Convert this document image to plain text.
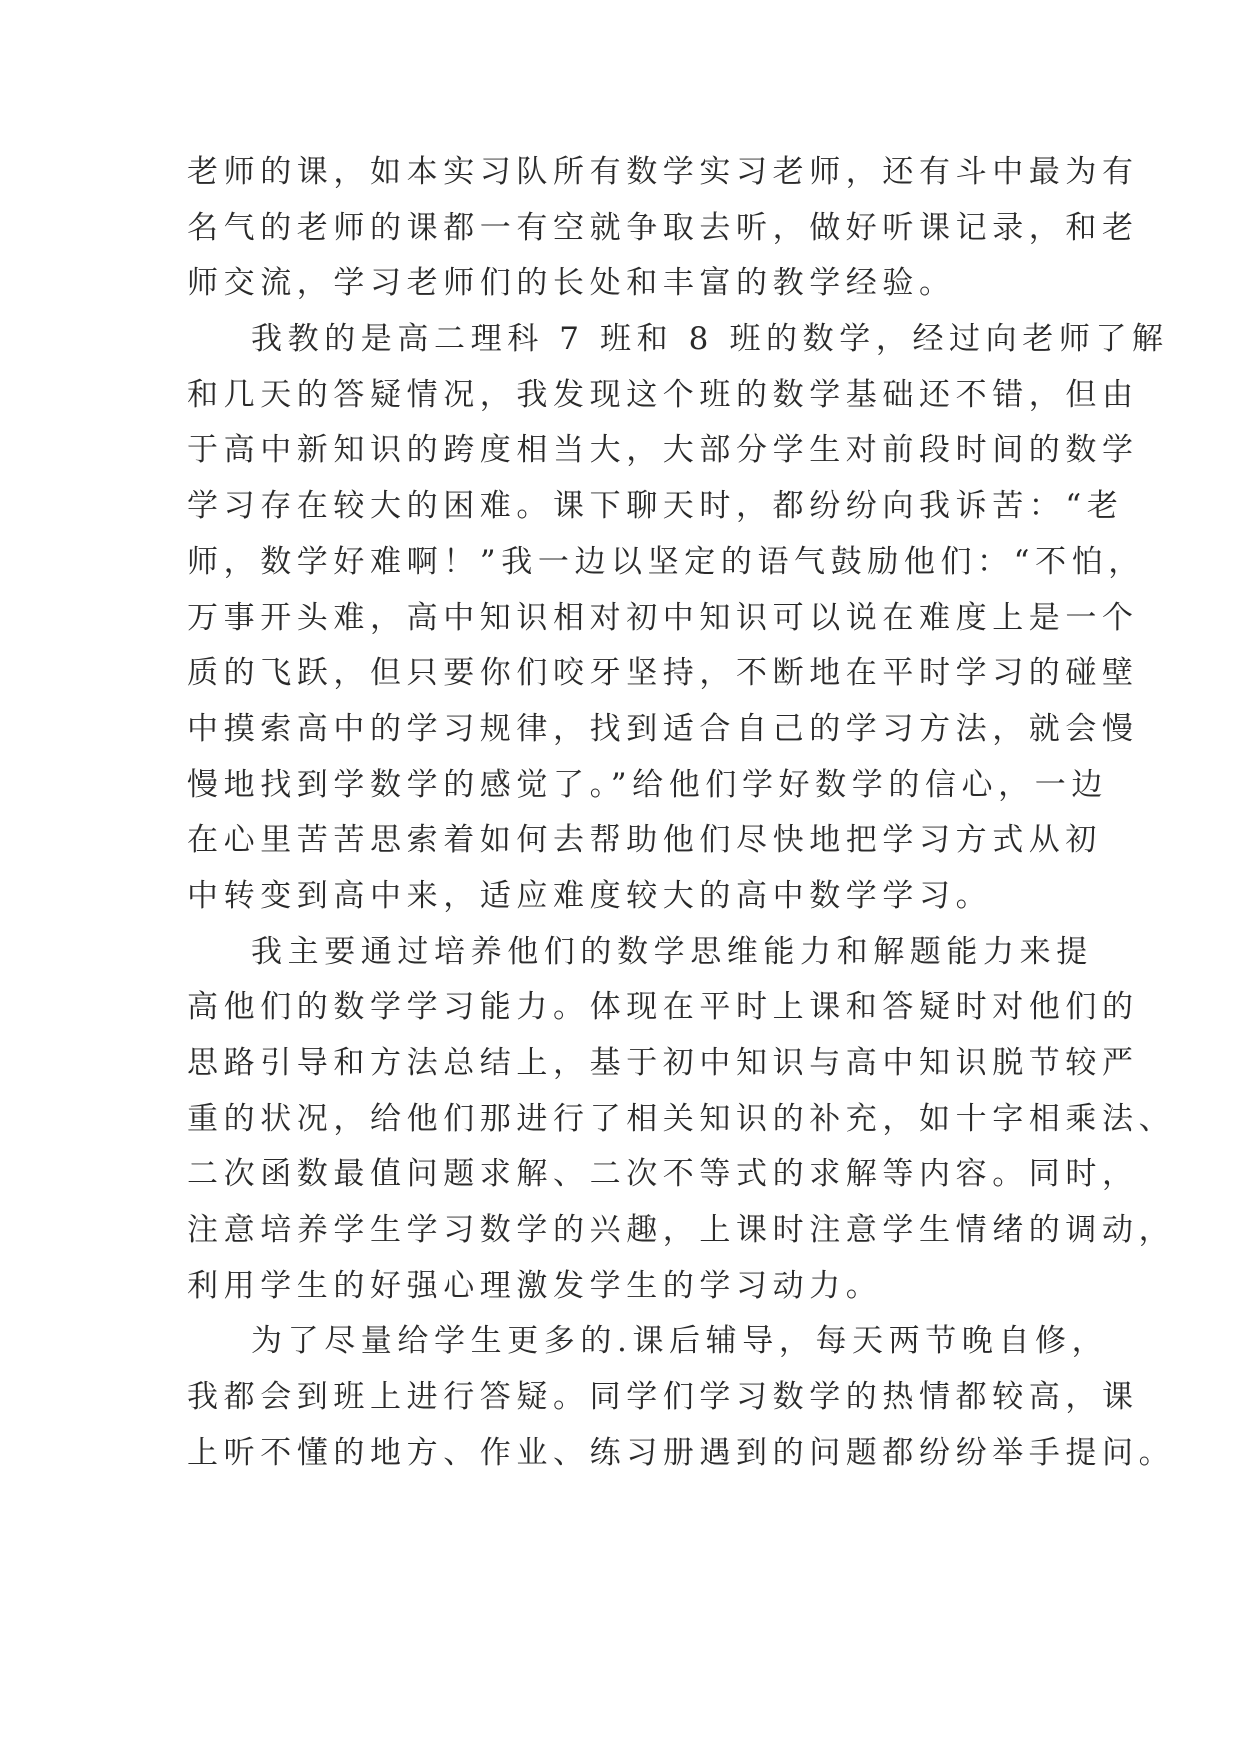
老师的课，如本实习队所有数学实习老师，还有斗中最为有
名气的老师的课都一有空就争取去听，做好听课记录，和老
师交流，学习老师们的长处和丰富的教学经验。
我教的是高二理科 7 班和 8 班的数学，经过向老师了解
和几天的答疑情况，我发现这个班的数学基础还不错，但由
于高中新知识的跨度相当大，大部分学生对前段时间的数学
学习存在较大的困难。课下聊天时，都纷纷向我诉苦：“老
师，数学好难啊！”我一边以坚定的语气鼓励他们：“不怕，
万事开头难，高中知识相对初中知识可以说在难度上是一个
质的飞跃，但只要你们咬牙坚持，不断地在平时学习的碰壁
中摸索高中的学习规律，找到适合自己的学习方法，就会慢
慢地找到学数学的感觉了。”给他们学好数学的信心，一边
在心里苦苦思索着如何去帮助他们尽快地把学习方式从初
中转变到高中来，适应难度较大的高中数学学习。
我主要通过培养他们的数学思维能力和解题能力来提
高他们的数学学习能力。体现在平时上课和答疑时对他们的
思路引导和方法总结上，基于初中知识与高中知识脱节较严
重的状况，给他们那进行了相关知识的补充，如十字相乘法、
二次函数最值问题求解、二次不等式的求解等内容。同时，
注意培养学生学习数学的兴趣，上课时注意学生情绪的调动，
利用学生的好强心理激发学生的学习动力。
为了尽量给学生更多的.课后辅导，每天两节晚自修，
我都会到班上进行答疑。同学们学习数学的热情都较高，课
上听不懂的地方、作业、练习册遇到的问题都纷纷举手提问。
